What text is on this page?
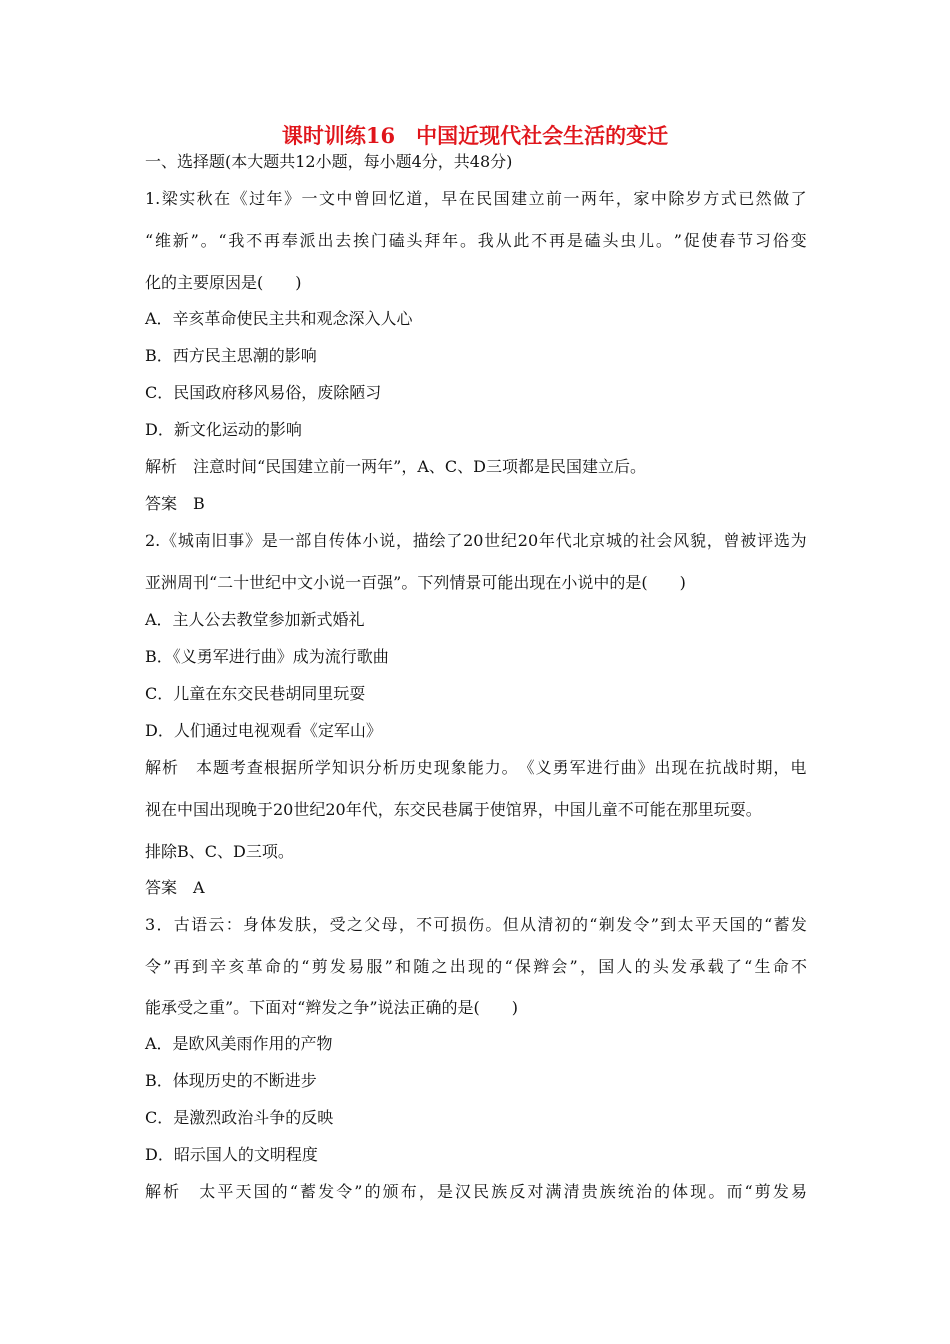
课时训练16　中国近现代社会生活的变迁
一、选择题(本大题共12小题，每小题4分，共48分)
1. 梁 实 秋 在 《 过 年 》 一 文 中 曾 回 忆 道 ， 早 在 民 国 建 立 前 一 两 年 ， 家 中 除 岁 方 式 已 然 做 了
“ 维 新 ” 。 “ 我 不 再 奉 派 出 去 挨 门 磕 头 拜 年 。 我 从 此 不 再 是 磕 头 虫 儿 。 ” 促 使 春 节 习 俗 变
化的主要原因是(　　)
A．辛亥革命使民主共和观念深入人心
B．西方民主思潮的影响
C．民国政府移风易俗，废除陋习
D．新文化运动的影响
解析　注意时间“民国建立前一两年”，A、C、D三项都是民国建立后。
答案　B
2. 《 城 南 旧 事 》 是 一 部 自 传 体 小 说 ， 描 绘 了 20 世 纪 20 年 代 北 京 城 的 社 会 风 貌 ， 曾 被 评 选 为
亚洲周刊“二十世纪中文小说一百强”。下列情景可能出现在小说中的是(　　)
A．主人公去教堂参加新式婚礼
B．《义勇军进行曲》成为流行歌曲
C．儿童在东交民巷胡同里玩耍
D．人们通过电视观看《定军山》
解 析
　 本 题 考 查 根 据 所 学 知 识 分 析 历 史 现 象 能 力 。 《 义 勇 军 进 行 曲 》 出 现 在 抗 战 时 期 ， 电
视在中国出现晚于20世纪20年代，东交民巷属于使馆界，中国儿童不可能在那里玩耍。
排除B、C、D三项。
答案　A
3 ． 古 语 云 ： 身 体 发 肤 ， 受 之 父 母 ， 不 可 损 伤 。 但 从 清 初 的 “ 剃 发 令 ” 到 太 平 天 国 的 “ 蓄 发
令 ” 再 到 辛 亥 革 命 的 “ 剪 发 易 服 ” 和 随 之 出 现 的 “ 保 辫 会 ” ， 国 人 的 头 发 承 载 了 “ 生 命 不
能承受之重”。下面对“辫发之争”说法正确的是(　　)
A．是欧风美雨作用的产物
B．体现历史的不断进步
C．是激烈政治斗争的反映
D．昭示国人的文明程度
解 析
　 太 平 天 国 的 “ 蓄 发 令 ” 的 颁 布 ， 是 汉 民 族 反 对 满 清 贵 族 统 治 的 体 现 。 而 “ 剪 发 易
